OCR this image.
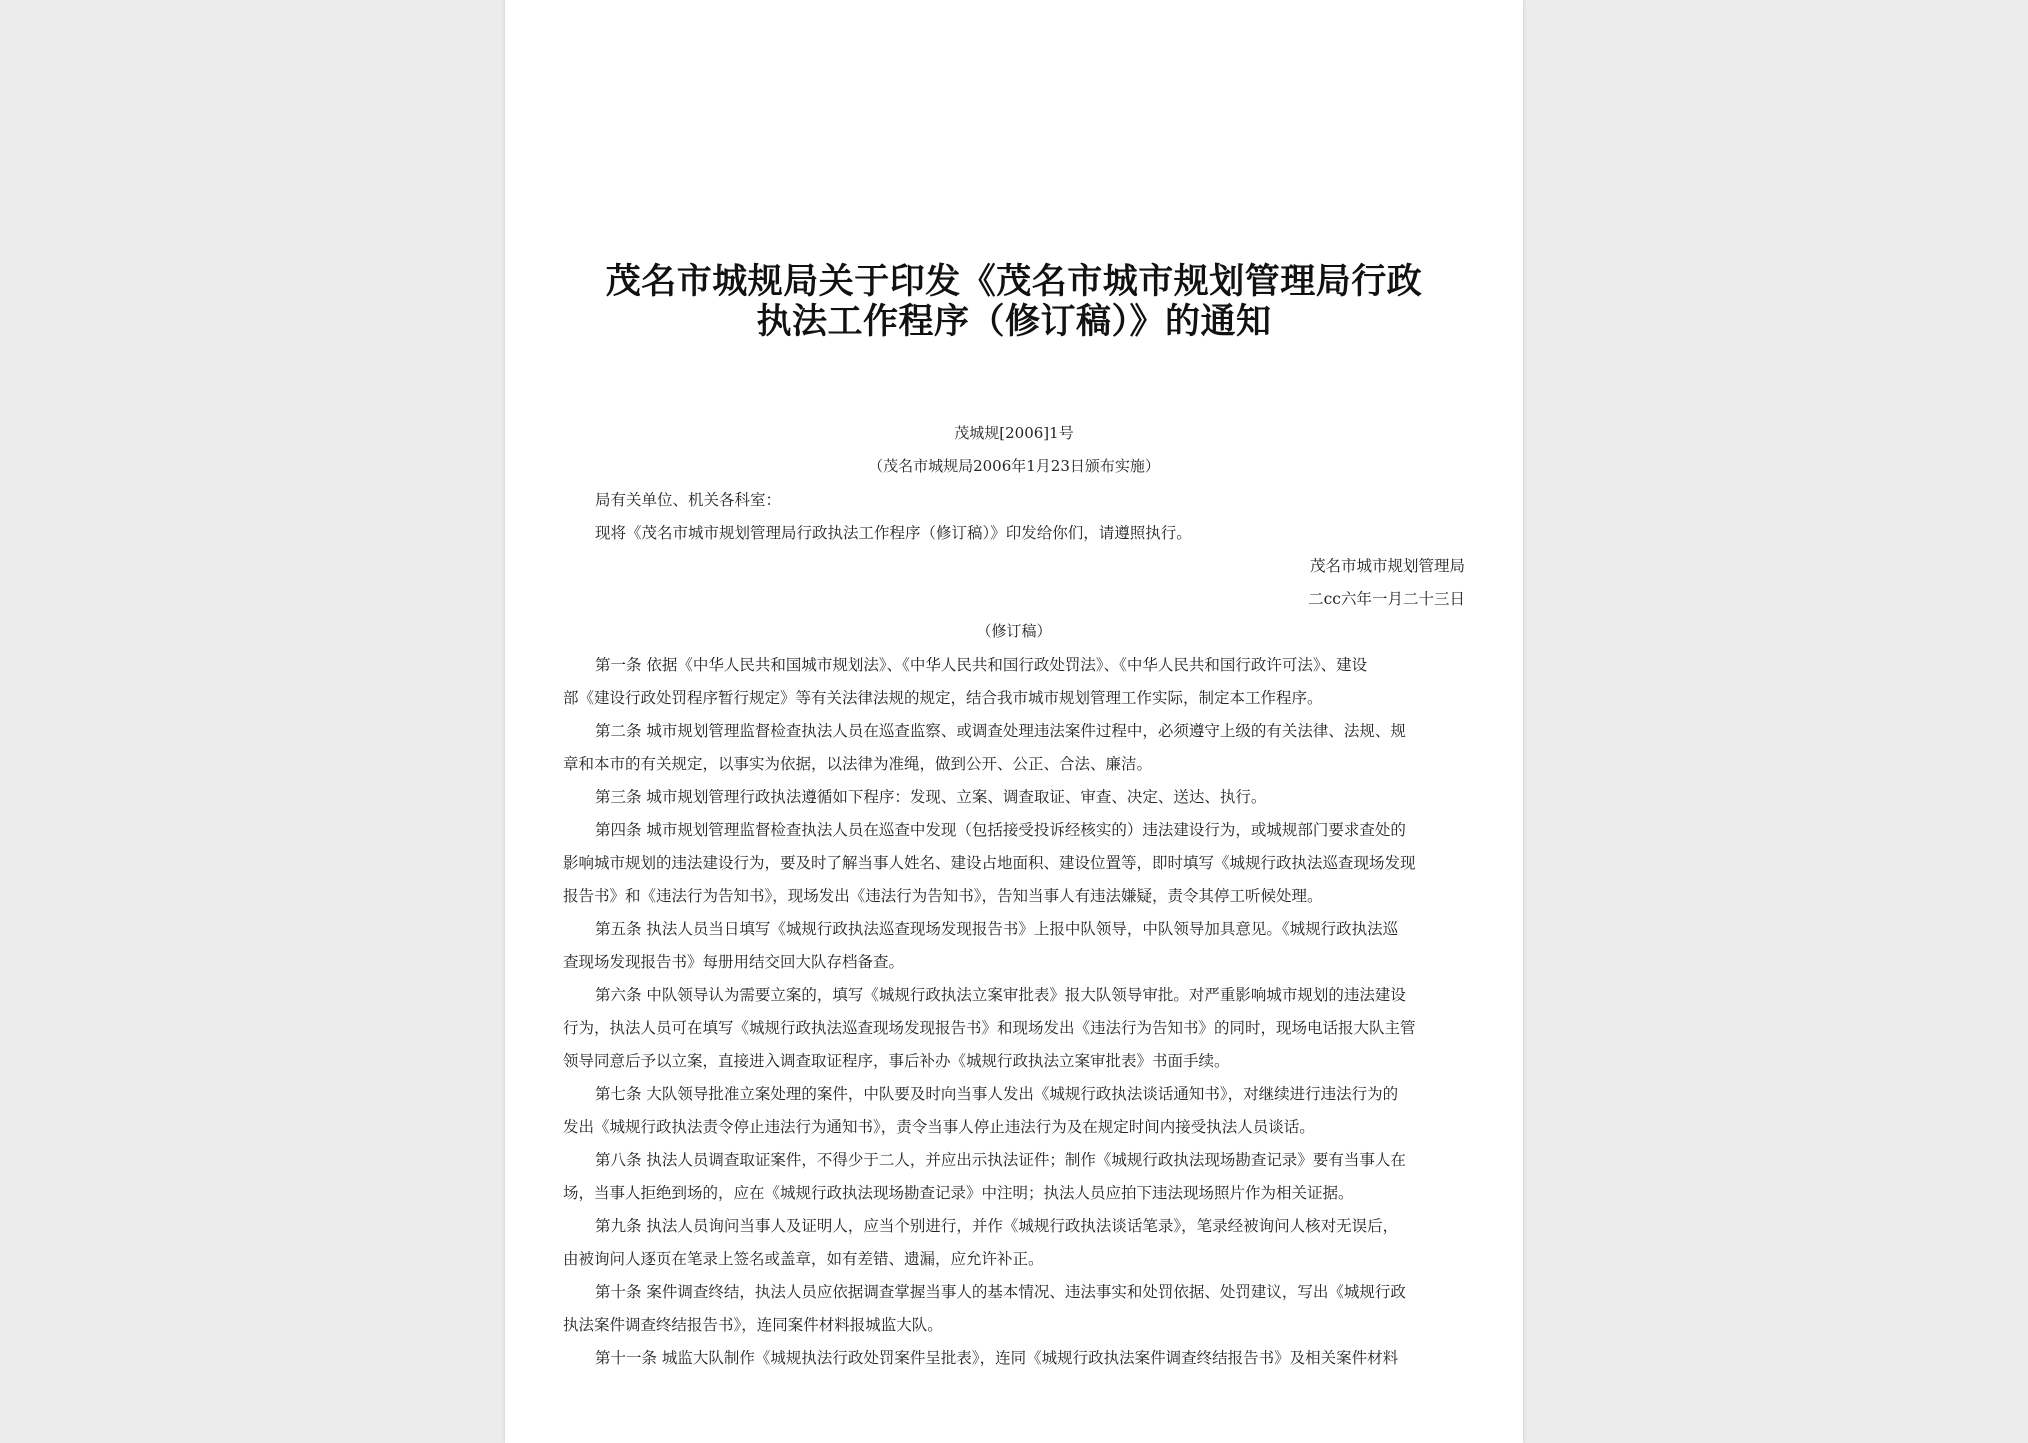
茂名市城规局关于印发《茂名市城市规划管理局行政
执法工作程序（修订稿）》的通知
茂城规[2006]1号
（茂名市城规局2006年1月23日颁布实施）
局有关单位、机关各科室：
现将《茂名市城市规划管理局行政执法工作程序（修订稿）》印发给你们，请遵照执行。
茂名市城市规划管理局
二cc六年一月二十三日
（修订稿）
第一条 依据《中华人民共和国城市规划法》、《中华人民共和国行政处罚法》、《中华人民共和国行政许可法》、建设
部《建设行政处罚程序暂行规定》等有关法律法规的规定，结合我市城市规划管理工作实际，制定本工作程序。
第二条 城市规划管理监督检查执法人员在巡查监察、或调查处理违法案件过程中，必须遵守上级的有关法律、法规、规
章和本市的有关规定，以事实为依据，以法律为准绳，做到公开、公正、合法、廉洁。
第三条 城市规划管理行政执法遵循如下程序：发现、立案、调查取证、审查、决定、送达、执行。
第四条 城市规划管理监督检查执法人员在巡查中发现（包括接受投诉经核实的）违法建设行为，或城规部门要求查处的
影响城市规划的违法建设行为，要及时了解当事人姓名、建设占地面积、建设位置等，即时填写《城规行政执法巡查现场发现
报告书》和《违法行为告知书》，现场发出《违法行为告知书》，告知当事人有违法嫌疑，责令其停工听候处理。
第五条 执法人员当日填写《城规行政执法巡查现场发现报告书》上报中队领导，中队领导加具意见。《城规行政执法巡
查现场发现报告书》每册用结交回大队存档备查。
第六条 中队领导认为需要立案的，填写《城规行政执法立案审批表》报大队领导审批。对严重影响城市规划的违法建设
行为，执法人员可在填写《城规行政执法巡查现场发现报告书》和现场发出《违法行为告知书》的同时，现场电话报大队主管
领导同意后予以立案，直接进入调查取证程序，事后补办《城规行政执法立案审批表》书面手续。
第七条 大队领导批准立案处理的案件，中队要及时向当事人发出《城规行政执法谈话通知书》，对继续进行违法行为的
发出《城规行政执法责令停止违法行为通知书》，责令当事人停止违法行为及在规定时间内接受执法人员谈话。
第八条 执法人员调查取证案件，不得少于二人，并应出示执法证件；制作《城规行政执法现场勘查记录》要有当事人在
场，当事人拒绝到场的，应在《城规行政执法现场勘查记录》中注明；执法人员应拍下违法现场照片作为相关证据。
第九条 执法人员询问当事人及证明人，应当个别进行，并作《城规行政执法谈话笔录》，笔录经被询问人核对无误后，
由被询问人逐页在笔录上签名或盖章，如有差错、遗漏，应允许补正。
第十条 案件调查终结，执法人员应依据调查掌握当事人的基本情况、违法事实和处罚依据、处罚建议，写出《城规行政
执法案件调查终结报告书》，连同案件材料报城监大队。
第十一条 城监大队制作《城规执法行政处罚案件呈批表》，连同《城规行政执法案件调查终结报告书》及相关案件材料
